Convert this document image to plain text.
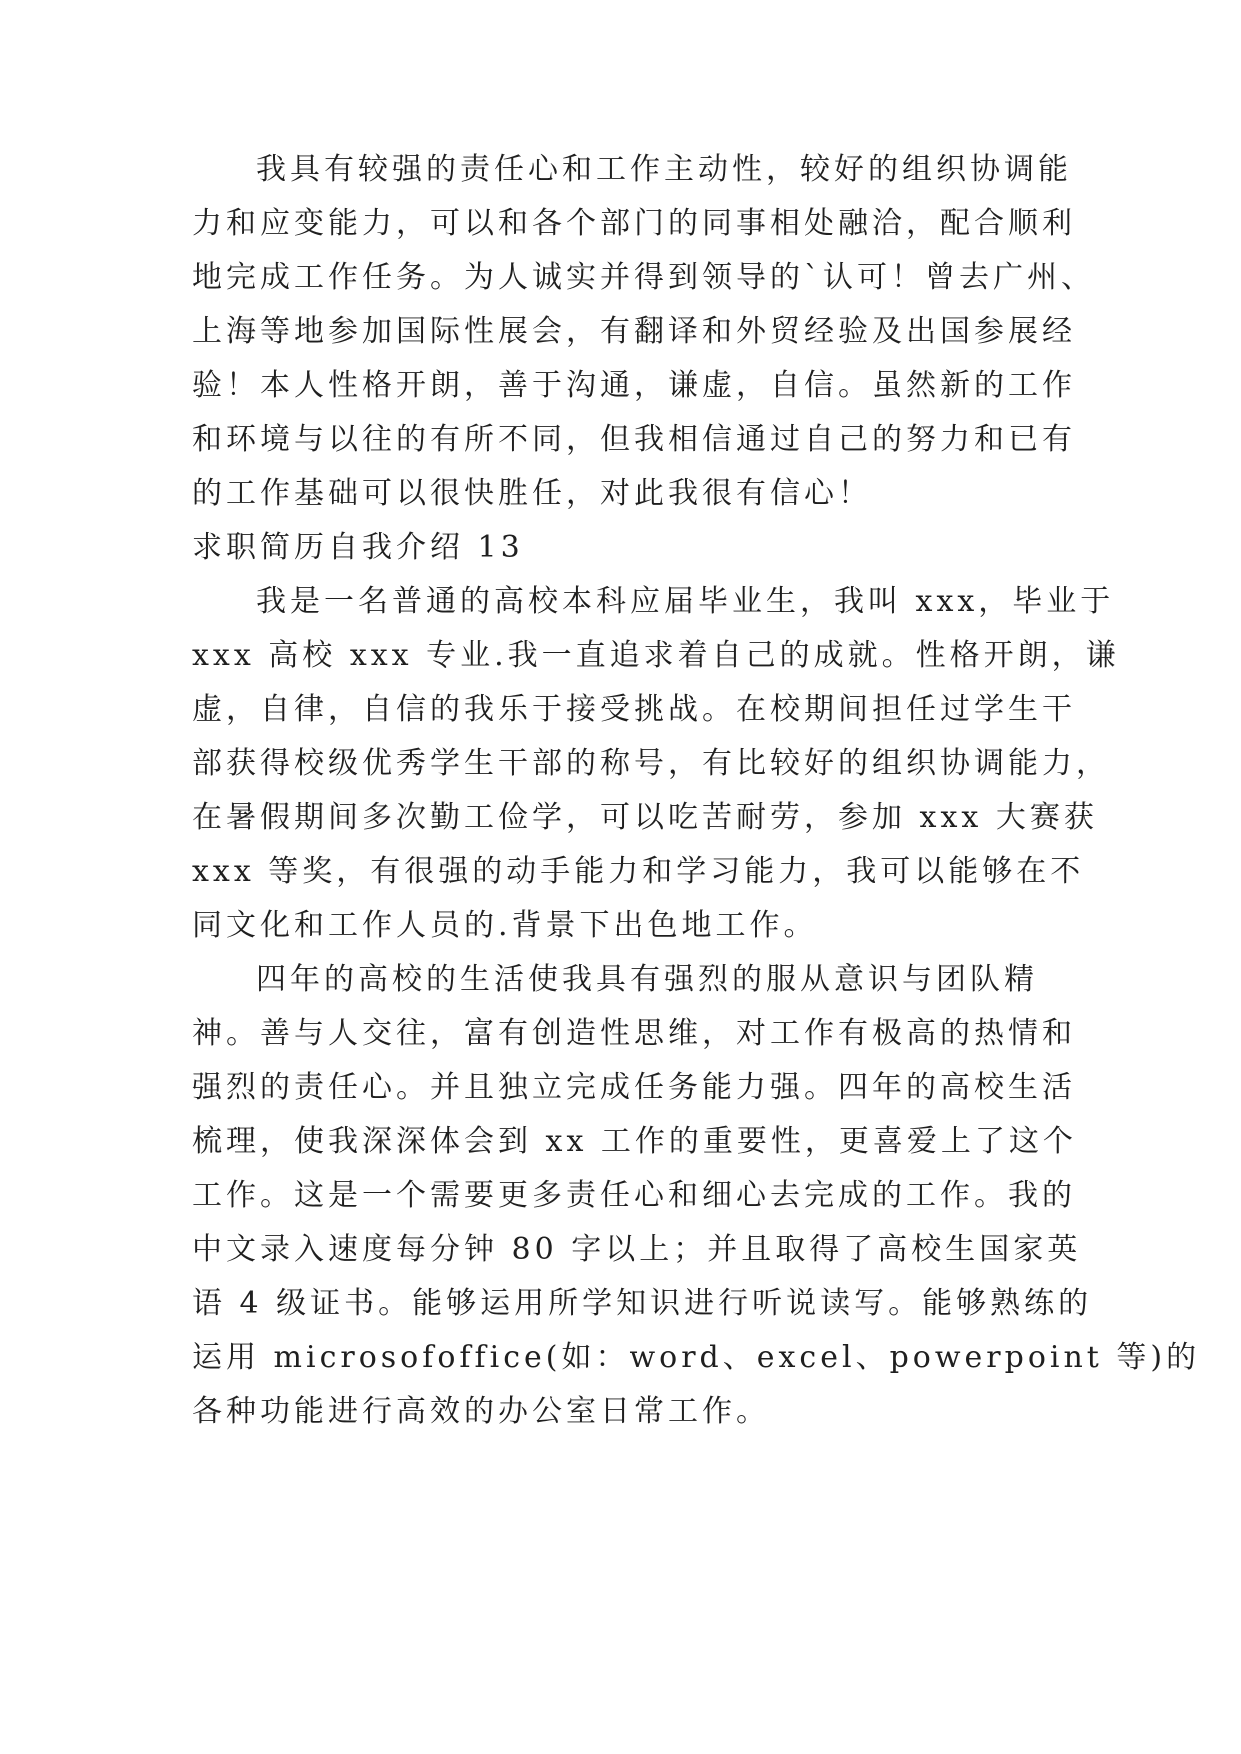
我具有较强的责任心和工作主动性，较好的组织协调能

力和应变能力，可以和各个部门的同事相处融洽，配合顺利

地完成工作任务。为人诚实并得到领导的`认可！曾去广州、

上海等地参加国际性展会，有翻译和外贸经验及出国参展经

验！本人性格开朗，善于沟通，谦虚，自信。虽然新的工作

和环境与以往的有所不同，但我相信通过自己的努力和已有

的工作基础可以很快胜任，对此我很有信心！

求职简历自我介绍 13

我是一名普通的高校本科应届毕业生，我叫 xxx，毕业于

xxx 高校 xxx 专业.我一直追求着自己的成就。性格开朗，谦

虚，自律，自信的我乐于接受挑战。在校期间担任过学生干

部获得校级优秀学生干部的称号，有比较好的组织协调能力，

在暑假期间多次勤工俭学，可以吃苦耐劳，参加 xxx 大赛获

xxx 等奖，有很强的动手能力和学习能力，我可以能够在不

同文化和工作人员的.背景下出色地工作。

四年的高校的生活使我具有强烈的服从意识与团队精

神。善与人交往，富有创造性思维，对工作有极高的热情和

强烈的责任心。并且独立完成任务能力强。四年的高校生活

梳理，使我深深体会到 xx 工作的重要性，更喜爱上了这个

工作。这是一个需要更多责任心和细心去完成的工作。我的

中文录入速度每分钟 80 字以上；并且取得了高校生国家英

语 4 级证书。能够运用所学知识进行听说读写。能够熟练的

运用 microsofoffice(如：word、excel、powerpoint 等)的

各种功能进行高效的办公室日常工作。
